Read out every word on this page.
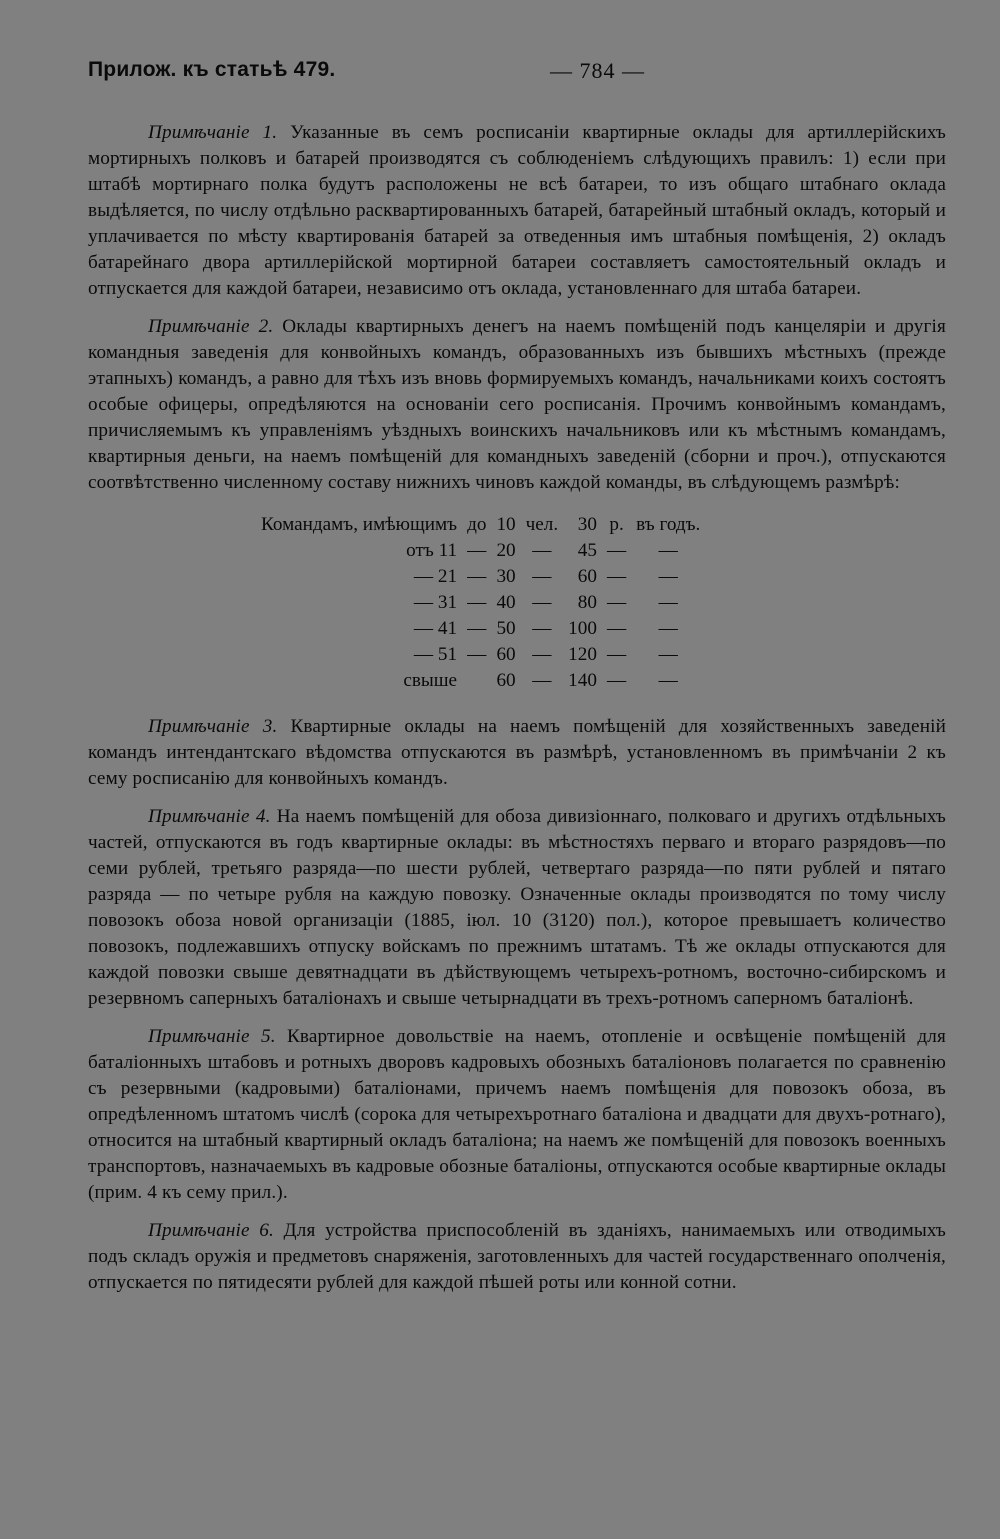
Прилож. къ статьѣ 479.	— 784 —

Примѣчаніе 1. Указанные въ семъ росписаніи квартирные оклады для артиллерійскихъ мортирныхъ полковъ и батарей производятся съ соблюденіемъ слѣдующихъ правилъ: 1) если при штабѣ мортирнаго полка будутъ расположены не всѣ батареи, то изъ общаго штабнаго оклада выдѣляется, по числу отдѣльно расквартированныхъ батарей, батарейный штабный окладъ, который и уплачивается по мѣсту квартированія батарей за отведенныя имъ штабныя помѣщенія, 2) окладъ батарейнаго двора артиллерійской мортирной батареи составляетъ самостоятельный окладъ и отпускается для каждой батареи, независимо отъ оклада, установленнаго для штаба батареи.

Примѣчаніе 2. Оклады квартирныхъ денегъ на наемъ помѣщеній подъ канцеляріи и другія командныя заведенія для конвойныхъ командъ, образованныхъ изъ бывшихъ мѣстныхъ (прежде этапныхъ) командъ, а равно для тѣхъ изъ вновь формируемыхъ командъ, начальниками коихъ состоятъ особые офицеры, опредѣляются на основаніи сего росписанія. Прочимъ конвойнымъ командамъ, причисляемымъ къ управленіямъ уѣздныхъ воинскихъ начальниковъ или къ мѣстнымъ командамъ, квартирныя деньги, на наемъ помѣщеній для командныхъ заведеній (сборни и проч.), отпускаются соотвѣтственно численному составу нижнихъ чиновъ каждой команды, въ слѣдующемъ размѣрѣ:

Командамъ, имѣющимъ	до	10	чел.	30	р.	въ годъ.
отъ 11	—	20	—	45	—	—
— 21	—	30	—	60	—	—
— 31	—	40	—	80	—	—
— 41	—	50	—	100	—	—
— 51	—	60	—	120	—	—
свыше		60	—	140	—	—

Примѣчаніе 3. Квартирные оклады на наемъ помѣщеній для хозяйственныхъ заведеній командъ интендантскаго вѣдомства отпускаются въ размѣрѣ, установленномъ въ примѣчаніи 2 къ сему росписанію для конвойныхъ командъ.

Примѣчаніе 4. На наемъ помѣщеній для обоза дивизіоннаго, полковаго и другихъ отдѣльныхъ частей, отпускаются въ годъ квартирные оклады: въ мѣстностяхъ перваго и втораго разрядовъ—по семи рублей, третьяго разряда—по шести рублей, четвертаго разряда—по пяти рублей и пятаго разряда — по четыре рубля на каждую повозку. Означенные оклады производятся по тому числу повозокъ обоза новой организаціи (1885, іюл. 10 (3120) пол.), которое превышаетъ количество повозокъ, подлежавшихъ отпуску войскамъ по прежнимъ штатамъ. Тѣ же оклады отпускаются для каждой повозки свыше девятнадцати въ дѣйствующемъ четырехъ-ротномъ, восточно-сибирскомъ и резервномъ саперныхъ баталіонахъ и свыше четырнадцати въ трехъ-ротномъ саперномъ баталіонѣ.

Примѣчаніе 5. Квартирное довольствіе на наемъ, отопленіе и освѣщеніе помѣщеній для баталіонныхъ штабовъ и ротныхъ дворовъ кадровыхъ обозныхъ баталіоновъ полагается по сравненію съ резервными (кадровыми) баталіонами, причемъ наемъ помѣщенія для повозокъ обоза, въ опредѣленномъ штатомъ числѣ (сорока для четырехъротнаго баталіона и двадцати для двухъ-ротнаго), относится на штабный квартирный окладъ баталіона; на наемъ же помѣщеній для повозокъ военныхъ транспортовъ, назначаемыхъ въ кадровые обозные баталіоны, отпускаются особые квартирные оклады (прим. 4 къ сему прил.).

Примѣчаніе 6. Для устройства приспособленій въ зданіяхъ, нанимаемыхъ или отводимыхъ подъ складъ оружія и предметовъ снаряженія, заготовленныхъ для частей государственнаго ополченія, отпускается по пятидесяти рублей для каждой пѣшей роты или конной сотни.
